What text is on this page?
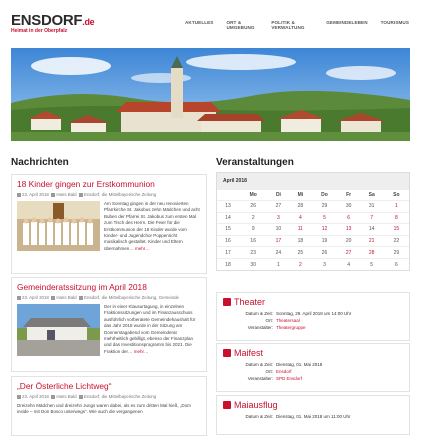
ENSDORF.de
Heimat in der Oberpfalz
AKTUELLES	ORT & UMGEBUNG
POLITIK & VERWALTUNG
GEMEINDELEBEN	TOURISMUS
Nachrichten
18 Kinder gingen zur Erstkommunion
23. April 2018 Hans Bald Ensdorf, die Mittelbayerische Zeitung
Am Sonntag gingen in der neu renovierten Pfarrkirche St. Jakobus zehn Mädchen und acht Buben der Pfarrei St. Jakobus zum ersten Mal zum Tisch des Herrn. Die Feier für die Erstkommunion der 18 Kinder wurde vom Kinder- und Jugendchor Poppenricht musikalisch gestaltet. Kinder und Eltern übernahmen… mehr…
Gemeinderatssitzung im April 2018
23. April 2018 Hans Bald Ensdorf, die Mittelbayerische Zeitung, Gemeinde
Der in einer Klausurtagung, in einzelnen Fraktionssitzungen und im Finanzausschuss ausführlich vorberatete Gemeindehaushalt für das Jahr 2018 wurde in der Sitzung am Donnerstagabend vom Gemeinderat mehrheitlich gebilligt, ebenso der Finanzplan und das Investitionsprogramm bis 2021. Die Fraktion der… mehr…
„Der Österliche Lichtweg“
23. April 2018 Hans Bald Ensdorf, die Mittelbayerische Zeitung
Dreizehn Mädchen und dreizehn Jungs waren dabei, als es zum dritten Mal hieß, „Dom inside – mit Don Bosco unterwegs“. Wie auch die vergangenen
Veranstaltungen
April 2018
	Mo	Di	Mi	Do	Fr	Sa	So
13	26	27	28	29	30	31	1
14	2	3	4	5	6	7	8
15	9	10	11	12	13	14	15
16	16	17	18	19	20	21	22
17	23	24	25	26	27	28	29
18	30	1	2	3	4	5	6
Theater
Datum & Zeit: Sonntag, 29. April 2018 um 14:00 Uhr
Ort: Theatersaal
Veranstalter: Theatergruppe
Maifest
Datum & Zeit: Dienstag, 01. Mai 2018
Ort: Ensdorf
Veranstalter: SPD Ensdorf
Maiausflug
Datum & Zeit: Dienstag, 01. Mai 2018 um 11:00 Uhr
